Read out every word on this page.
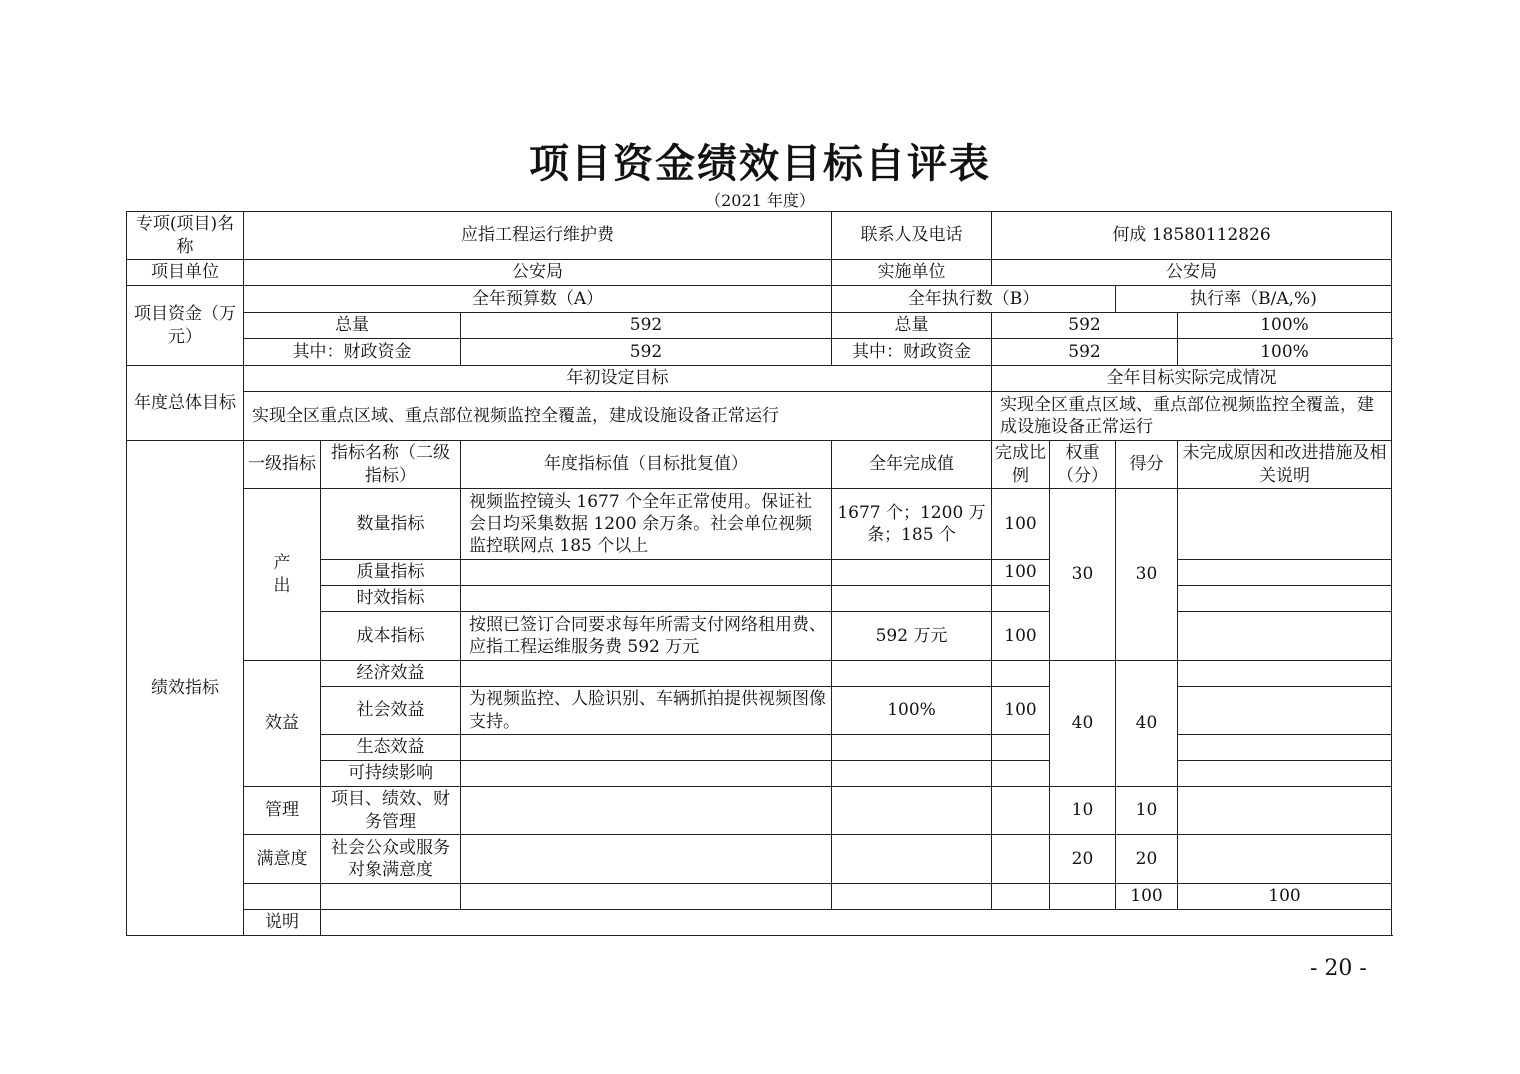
项目资金绩效目标自评表
（2021 年度）
专项(项目)名称	应指工程运行维护费			联系人及电话	何成 18580112826				
项目单位	公安局			实施单位	公安局				
项目资金（万元）	全年预算数（A）			全年执行数（B）			执行率（B/A,%)		
	总量		592	总量	592			100%	
	其中：财政资金		592	其中：财政资金	592			100%	
年度总体目标	年初设定目标				全年目标实际完成情况				
	实现全区重点区域、重点部位视频监控全覆盖，建成设施设备正常运行				实现全区重点区域、重点部位视频监控全覆盖，建成设施设备正常运行				
绩效指标	一级指标	指标名称（二级指标）	年度指标值（目标批复值）	全年完成值	完成比例	权重（分）	得分	未完成原因和改进措施及相关说明	
	产出	数量指标	视频监控镜头 1677 个全年正常使用。保证社会日均采集数据 1200 余万条。社会单位视频监控联网点 185 个以上	1677 个；1200 万条；185 个	100	30	30		
		质量指标			100				
		时效指标							
		成本指标	按照已签订合同要求每年所需支付网络租用费、应指工程运维服务费 592 万元	592 万元	100				
	效益	经济效益				40	40		
		社会效益	为视频监控、人脸识别、车辆抓拍提供视频图像支持。	100%	100				
		生态效益							
		可持续影响							
	管理	项目、绩效、财务管理				10	10		
	满意度	社会公众或服务对象满意度				20	20		
							100	100	
	说明								
- 20 -
